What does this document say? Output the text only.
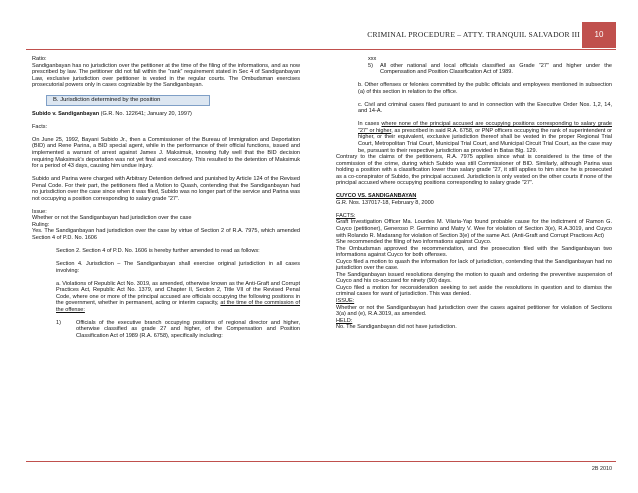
CRIMINAL PROCEDURE – ATTY. TRANQUIL SALVADOR III	10
Ratio:
Sandiganbayan has no jurisdiction over the petitioner at the time of the filing of the informations, and as now prescribed by law. The petitioner did not fall within the “rank” requirement stated in Sec 4 of Sandiganbayan Law, exclusive jurisdiction over petitioner is vested in the regular courts. The Ombudsman exercises prosecutorial powers only in cases cognizable by the Sandiganbayan.
B. Jurisdiction determined by the position
Subido v. Sandiganbayan (G.R. No. 122641; January 20, 1997)
Facts:
On June 25, 1992, Bayani Subido Jr., then a Commissioner of the Bureau of Immigration and Deportation (BID) and Rene Parina, a BID special agent, while in the performance of their official functions, issued and implemented a warrant of arrest against James J. Maksimuk, knowing fully well that the BID decision requiring Maksimuk’s deportation was not yet final and executory. This resulted to the detention of Maksimuk for a period of 43 days, causing him undue injury.
Subido and Parina were charged with Arbitrary Detention defined and punished by Article 124 of the Revised Penal Code. For their part, the petitioners filed a Motion to Quash, contending that the Sandiganbayan had no jurisdiction over the case since when it was filed, Subido was no longer part of the service and Parina was not occupying a position corresponding to salary grade “27”.
Issue:
Whether or not the Sandiganbayan had jurisdiction over the case
Ruling:
Yes. The Sandiganbayan had jurisdiction over the case by virtue of Section 2 of R.A. 7975, which amended Section 4 of P.D. No. 1606
Section 2. Section 4 of P.D. No. 1606 is hereby further amended to read as follows:
Section 4. Jurisdiction – The Sandiganbayan shall exercise original jurisdiction in all cases involving:
a. Violations of Republic Act No. 3019, as amended, otherwise known as the Anti-Graft and Corrupt Practices Act, Republic Act No. 1379, and Chapter II, Section 2, Title VII of the Revised Penal Code, where one or more of the principal accused are officials occupying the following positions in the government, whether in permanent, acting or interim capacity, at the time of the commission of the offense:
1)	Officials of the executive branch occupying positions of regional director and higher, otherwise classified as grade 27 and higher, of the Compensation and Position Classification Act of 1989 (R.A. 6758), specifically including:
xxx
5)	All other national and local officials classified as Grade “27” and higher under the Compensation and Position Classification Act of 1989.
b. Other offenses or felonies committed by the public officials and employees mentioned in subsection (a) of this section in relation to the office.
c. Civil and criminal cases filed pursuant to and in connection with the Executive Order Nos. 1,2, 14, and 14-A.
In cases where none of the principal accused are occupying positions corresponding to salary grade “27” or higher, as prescribed in said R.A. 6758, or PNP officers occupying the rank of superintendent or higher, or their equivalent, exclusive jurisdiction thereof shall be vested in the proper Regional Trial Court, Metropolitan Trial Court, Municipal Trial Court, and Municipal Circuit Trial Court, as the case may be, pursuant to their respective jurisdiction as provided in Batas Blg. 129.
Contrary to the claims of the petitioners, R.A. 7975 applies since what is considered is the time of the commission of the crime, during which Subido was still Commissioner of BID. Similarly, although Parina was holding a position with a classification lower than salary grade “27, it still applies to him since he is prosecuted as a co-conspirator of Subido, the principal accused. Jurisdiction is only vested on the other courts if none of the principal accused where occupying positions corresponding to salary grade “27”.
CUYCO VS. SANDIGANBAYAN
G.R. Nos. 137017-18, February 8, 2000
FACTS:
Graft Investigation Officer Ma. Lourdes M. Vilaria-Yap found probable cause for the indictment of Ramon G. Cuyco (petitioner), Generoso P. Germino and Matry V. Wee for violation of Section 3(e), R.A.3019, and Cuyco with Rolando R. Madarang for violation of Section 3(e) of the same Act. (Anti-Graft and Corrupt Practices Act)
She recommended the filing of two informations against Cuyco.
The Ombudsman approved the recommendation, and the prosecution filed with the Sandiganbayan two informations against Cuyco for both offenses.
Cuyco filed a motion to quash the information for lack of jurisdiction, contending that the Sandiganbayan had no jurisdiction over the case.
The Sandiganbayan issued resolutions denying the motion to quash and ordering the preventive suspension of Cuyco and his co-accused for ninety (90) days.
Cuyco filed a motion for reconsideration seeking to set aside the resolutions in question and to dismiss the criminal cases for want of jurisdiction. This was denied.
ISSUE:
Whether or not the Sandiganbayan had jurisdiction over the cases against petitioner for violation of Sections 3(a) and (e), R.A.3019, as amended.
HELD:
No. The Sandiganbayan did not have jurisdiction.
2B 2010
